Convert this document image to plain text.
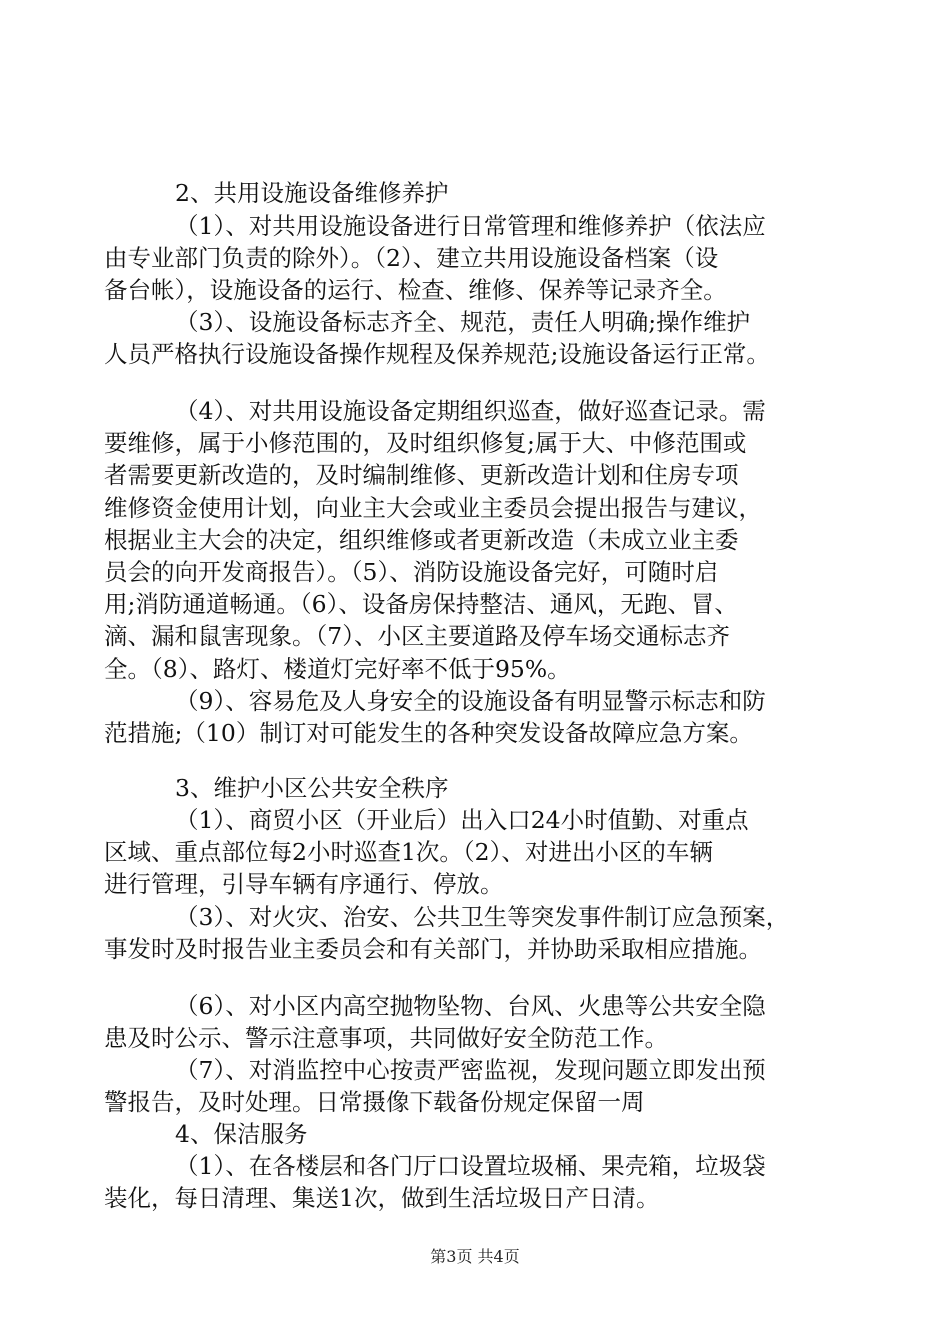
2、共用设施设备维修养护
（1）、对共用设施设备进行日常管理和维修养护（依法应
由专业部门负责的除外）。（2）、建立共用设施设备档案（设
备台帐），设施设备的运行、检查、维修、保养等记录齐全。
（3）、设施设备标志齐全、规范，责任人明确;操作维护
人员严格执行设施设备操作规程及保养规范;设施设备运行正常。
（4）、对共用设施设备定期组织巡查，做好巡查记录。需
要维修，属于小修范围的，及时组织修复;属于大、中修范围或
者需要更新改造的，及时编制维修、更新改造计划和住房专项
维修资金使用计划，向业主大会或业主委员会提出报告与建议，
根据业主大会的决定，组织维修或者更新改造（未成立业主委
员会的向开发商报告）。（5）、消防设施设备完好，可随时启
用;消防通道畅通。（6）、设备房保持整洁、通风，无跑、冒、
滴、漏和鼠害现象。（7）、小区主要道路及停车场交通标志齐
全。（8）、路灯、楼道灯完好率不低于95%。
（9）、容易危及人身安全的设施设备有明显警示标志和防
范措施;（10）制订对可能发生的各种突发设备故障应急方案。
3、维护小区公共安全秩序
（1）、商贸小区（开业后）出入口24小时值勤、对重点
区域、重点部位每2小时巡查1次。（2）、对进出小区的车辆
进行管理，引导车辆有序通行、停放。
（3）、对火灾、治安、公共卫生等突发事件制订应急预案，
事发时及时报告业主委员会和有关部门，并协助采取相应措施。
（6）、对小区内高空抛物坠物、台风、火患等公共安全隐
患及时公示、警示注意事项，共同做好安全防范工作。
（7）、对消监控中心按责严密监视，发现问题立即发出预
警报告，及时处理。日常摄像下载备份规定保留一周
4、保洁服务
（1）、在各楼层和各门厅口设置垃圾桶、果壳箱，垃圾袋
装化，每日清理、集送1次，做到生活垃圾日产日清。
第3页 共4页
